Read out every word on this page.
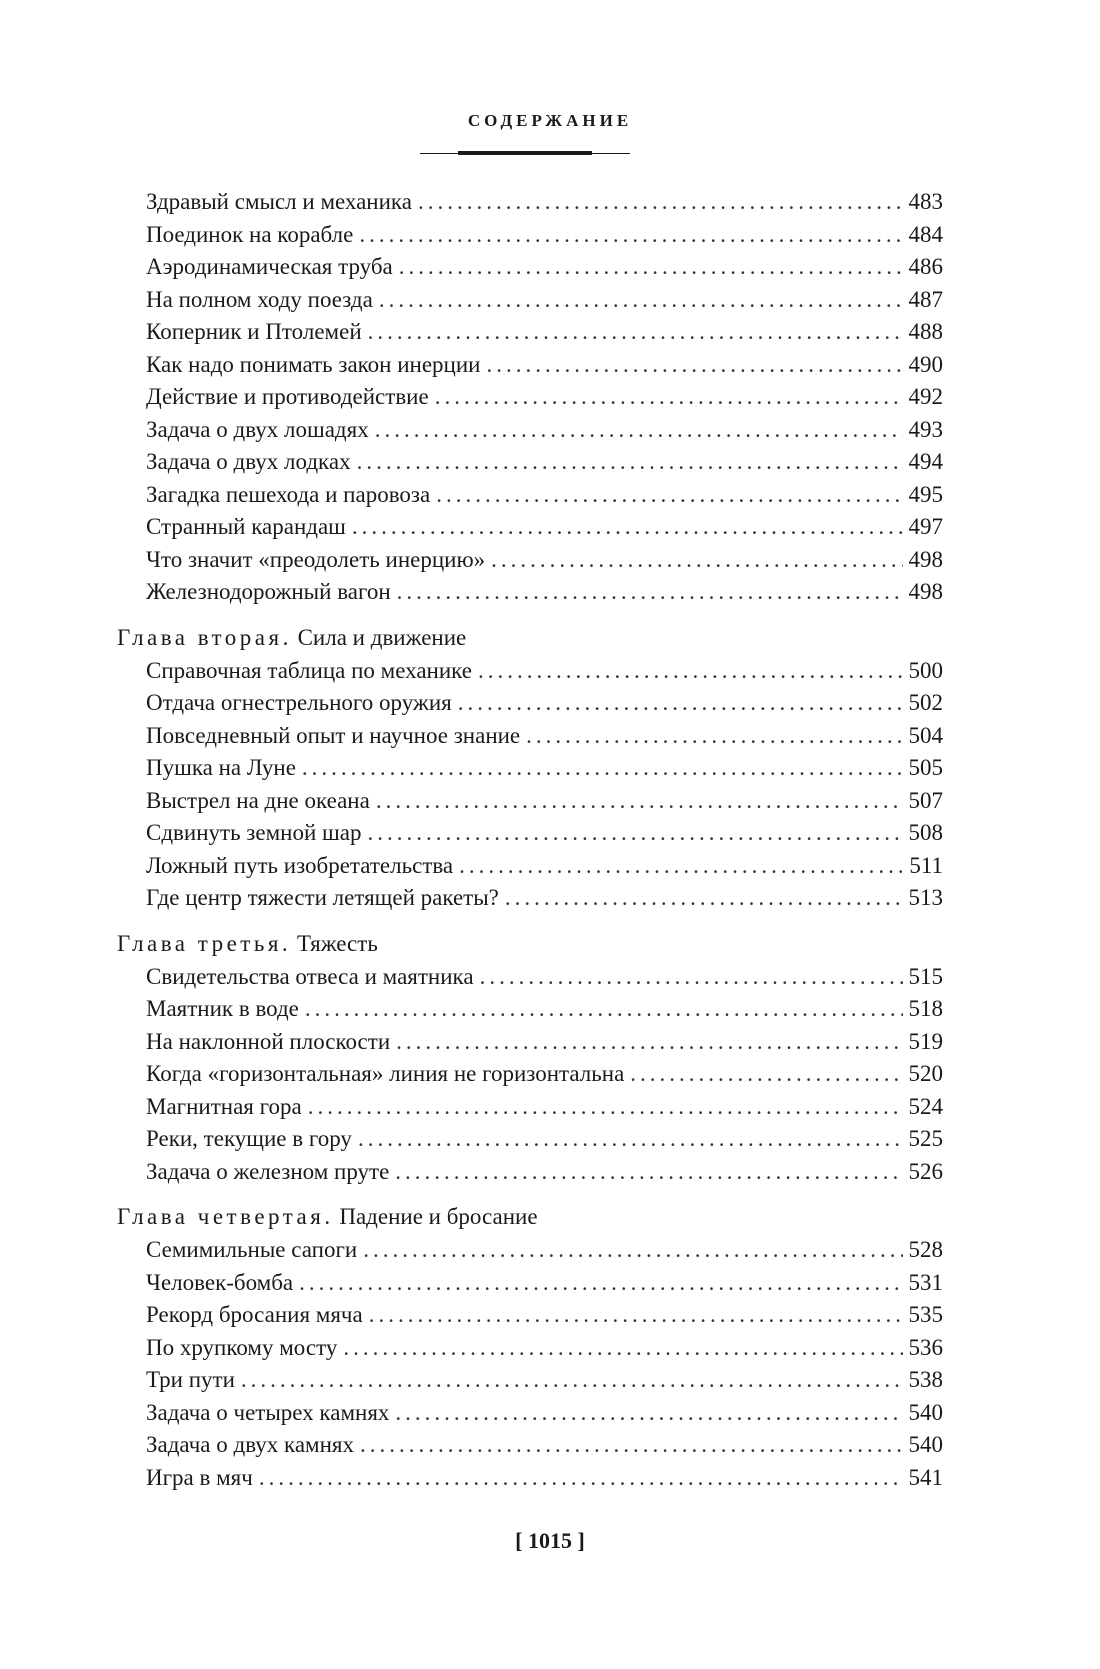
СОДЕРЖАНИЕ
Здравый смысл и механика .....	483
Поединок на корабле .....	484
Аэродинамическая труба .....	486
На полном ходу поезда .....	487
Коперник и Птолемей .....	488
Как надо понимать закон инерции .....	490
Действие и противодействие .....	492
Задача о двух лошадях .....	493
Задача о двух лодках .....	494
Загадка пешехода и паровоза .....	495
Странный карандаш .....	497
Что значит «преодолеть инерцию» .....	498
Железнодорожный вагон .....	498
Глава вторая. Сила и движение
Справочная таблица по механике .....	500
Отдача огнестрельного оружия .....	502
Повседневный опыт и научное знание .....	504
Пушка на Луне .....	505
Выстрел на дне океана .....	507
Сдвинуть земной шар .....	508
Ложный путь изобретательства .....	511
Где центр тяжести летящей ракеты? .....	513
Глава третья. Тяжесть
Свидетельства отвеса и маятника .....	515
Маятник в воде .....	518
На наклонной плоскости .....	519
Когда «горизонтальная» линия не горизонтальна .....	520
Магнитная гора .....	524
Реки, текущие в гору .....	525
Задача о железном пруте .....	526
Глава четвертая. Падение и бросание
Семимильные сапоги .....	528
Человек-бомба .....	531
Рекорд бросания мяча .....	535
По хрупкому мосту .....	536
Три пути .....	538
Задача о четырех камнях .....	540
Задача о двух камнях .....	540
Игра в мяч .....	541
[ 1015 ]
